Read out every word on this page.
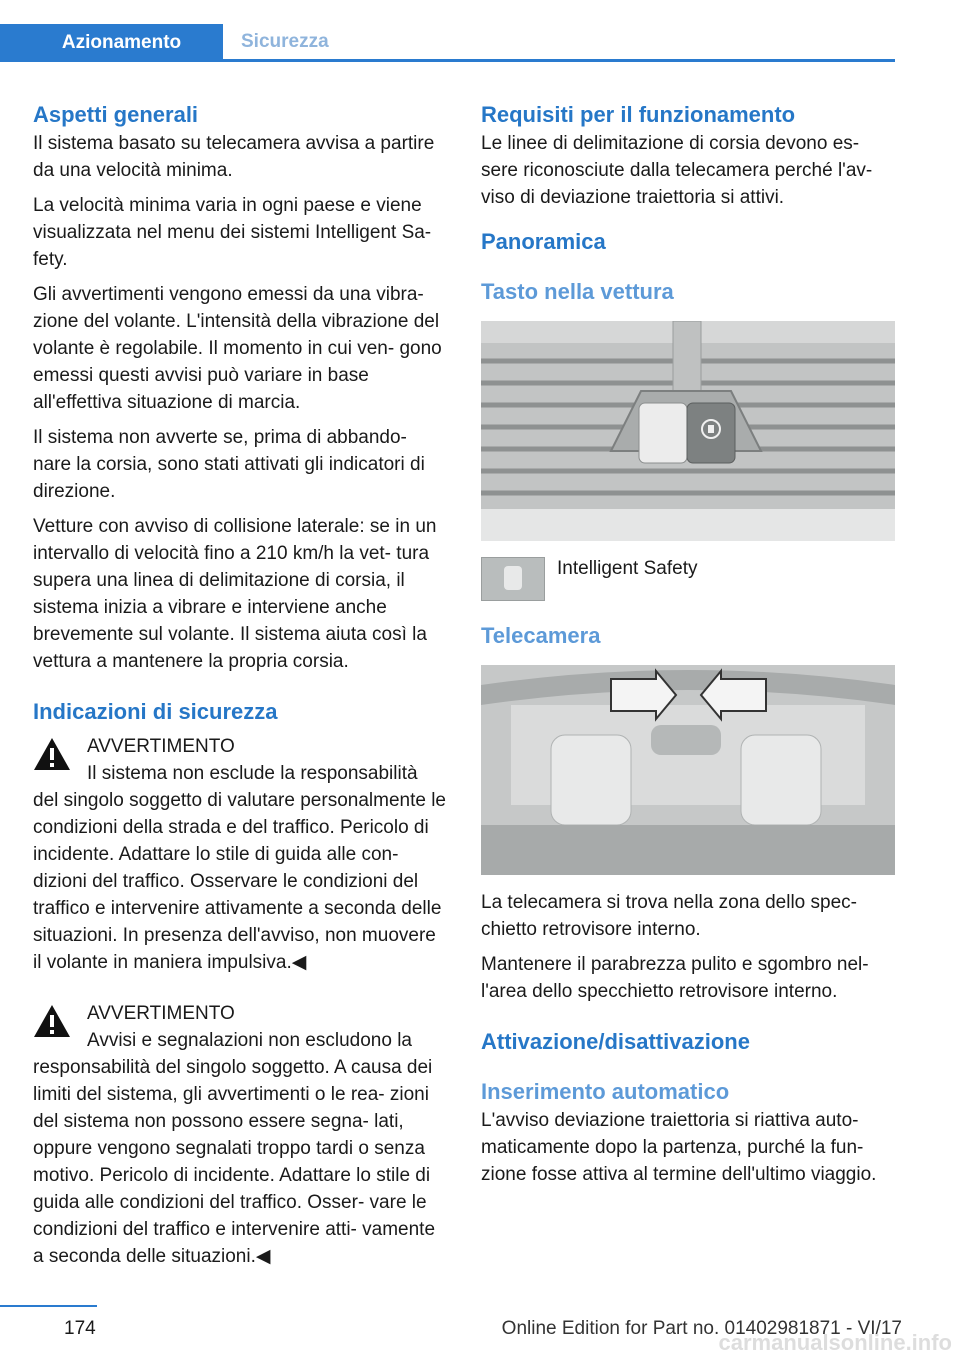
Azionamento	Sicurezza
Aspetti generali

Il sistema basato su telecamera avvisa a partire da una velocità minima.

La velocità minima varia in ogni paese e viene visualizzata nel menu dei sistemi Intelligent Sa‐ fety.

Gli avvertimenti vengono emessi da una vibra‐ zione del volante. L'intensità della vibrazione del volante è regolabile. Il momento in cui ven‐ gono emessi questi avvisi può variare in base all'effettiva situazione di marcia.

Il sistema non avverte se, prima di abbando‐ nare la corsia, sono stati attivati gli indicatori di direzione.

Vetture con avviso di collisione laterale: se in un intervallo di velocità fino a 210 km/h la vet‐ tura supera una linea di delimitazione di corsia, il sistema inizia a vibrare e interviene anche brevemente sul volante. Il sistema aiuta così la vettura a mantenere la propria corsia.

Indicazioni di sicurezza

AVVERTIMENTO

Il sistema non esclude la responsabilità del singolo soggetto di valutare personalmente le condizioni della strada e del traffico. Pericolo di incidente. Adattare lo stile di guida alle con‐ dizioni del traffico. Osservare le condizioni del traffico e intervenire attivamente a seconda delle situazioni. In presenza dell'avviso, non muovere il volante in maniera impulsiva.◀

AVVERTIMENTO

Avvisi e segnalazioni non escludono la responsabilità del singolo soggetto. A causa dei limiti del sistema, gli avvertimenti o le rea‐ zioni del sistema non possono essere segna‐ lati, oppure vengono segnalati troppo tardi o senza motivo. Pericolo di incidente. Adattare lo stile di guida alle condizioni del traffico. Osser‐ vare le condizioni del traffico e intervenire atti‐ vamente a seconda delle situazioni.◀

Requisiti per il funzionamento

Le linee di delimitazione di corsia devono es‐ sere riconosciute dalla telecamera perché l'av‐ viso di deviazione traiettoria si attivi.

Panoramica
Tasto nella vettura

Intelligent Safety

Telecamera

La telecamera si trova nella zona dello spec‐ chietto retrovisore interno.

Mantenere il parabrezza pulito e sgombro nel‐ l'area dello specchietto retrovisore interno.

Attivazione/disattivazione
Inserimento automatico

L'avviso deviazione traiettoria si riattiva auto‐ maticamente dopo la partenza, purché la fun‐ zione fosse attiva al termine dell'ultimo viaggio.

174	Online Edition for Part no. 01402981871 - VI/17
carmanualsonline.info
